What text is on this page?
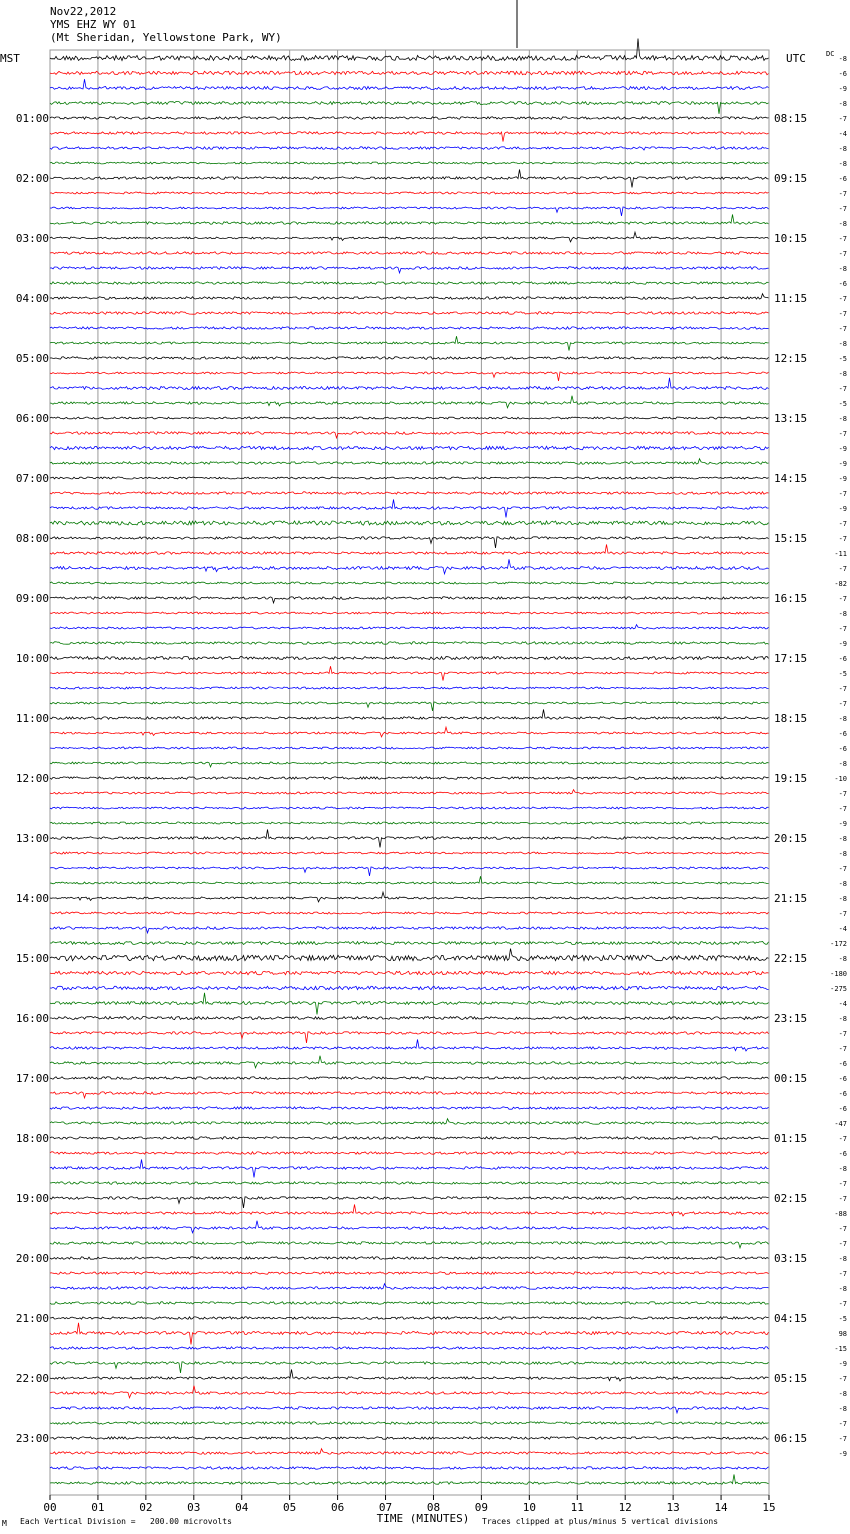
Nov22,2012
YMS EHZ WY 01
(Mt Sheridan, Yellowstone Park, WY)
MST	UTC
01:00
02:00
03:00
04:00
05:00
06:00
07:00
08:00
09:00
10:00
11:00
12:00
13:00
14:00
15:00
16:00
17:00
18:00
19:00
20:00
21:00
22:00
23:00
08:15
09:15
10:15
11:15
12:15
13:15
14:15
15:15
16:15
17:15
18:15
19:15
20:15
21:15
22:15
23:15
00:15
01:15
02:15
03:15
04:15
05:15
06:15
DC
-8
-6
-9
-8
-7
-4
-8
-8
-6
-7
-7
-8
-7
-7
-8
-6
-7
-7
-7
-8
-5
-8
-7
-5
-8
-7
-9
-9
-9
-7
-9
-7
-7
-11
-7
-82
-7
-8
-7
-9
-6
-5
-7
-7
-8
-6
-6
-8
-10
-7
-7
-9
-8
-8
-7
-8
-8
-7
-4
-172
-8
-180
-275
-4
-8
-7
-7
-6
-6
-6
-6
-47
-7
-6
-8
-7
-7
-88
-7
-7
-8
-7
-8
-7
-5
98
-15
-9
-7
-8
-8
-7
-7
-9
00	01	02	03	04	05	06	07	08	09	10	11	12	13	14	15
TIME (MINUTES)
M Each Vertical Division = 200.00 microvolts	Traces clipped at plus/minus 5 vertical divisions
